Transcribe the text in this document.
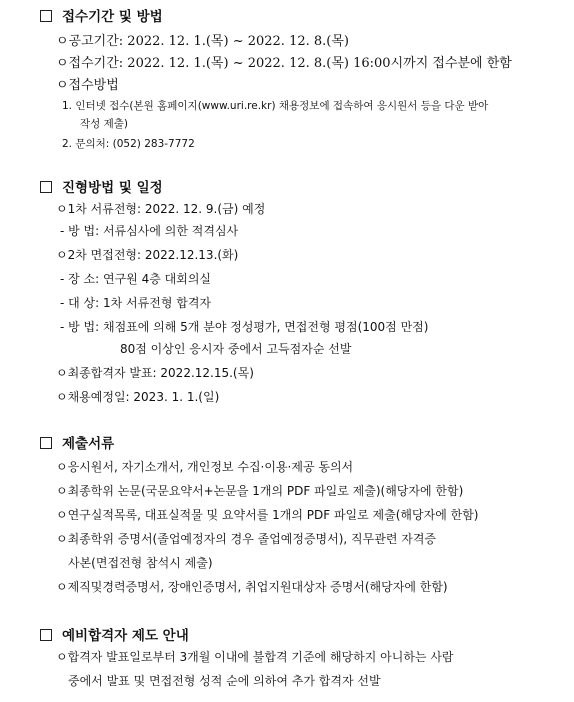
접수기간 및 방법
ㅇ공고기간: 2022. 12. 1.(목) ~ 2022. 12. 8.(목)
ㅇ접수기간: 2022. 12. 1.(목) ~ 2022. 12. 8.(목) 16:00시까지 접수분에 한함
ㅇ접수방법
1. 인터넷 접수(본원 홈페이지(www.uri.re.kr) 채용정보에 접속하여 응시원서 등을 다운 받아
작성 제출)
2. 문의처: (052) 283-7772
진형방법 및 일정
ㅇ1차 서류전형: 2022. 12. 9.(금) 예정
- 방 법: 서류심사에 의한 적격심사
ㅇ2차 면접전형: 2022.12.13.(화)
- 장 소: 연구원 4층 대회의실
- 대 상: 1차 서류전형 합격자
- 방 법: 채점표에 의해 5개 분야 정성평가, 면접전형 평점(100점 만점)
80점 이상인 응시자 중에서 고득점자순 선발
ㅇ최종합격자 발표: 2022.12.15.(목)
ㅇ채용예정일: 2023. 1. 1.(일)
제출서류
ㅇ응시원서, 자기소개서, 개인정보 수집·이용·제공 동의서
ㅇ최종학위 논문(국문요약서+논문을 1개의 PDF 파일로 제출)(해당자에 한함)
ㅇ연구실적목록, 대표실적물 및 요약서를 1개의 PDF 파일로 제출(해당자에 한함)
ㅇ최종학위 증명서(졸업예정자의 경우 졸업예정증명서), 직무관련 자격증
사본(면접전형 참석시 제출)
ㅇ제직및경력증명서, 장애인증명서, 취업지원대상자 증명서(해당자에 한함)
예비합격자 제도 안내
ㅇ합격자 발표일로부터 3개월 이내에 불합격 기준에 해당하지 아니하는 사람
중에서 발표 및 면접전형 성적 순에 의하여 추가 합격자 선발
